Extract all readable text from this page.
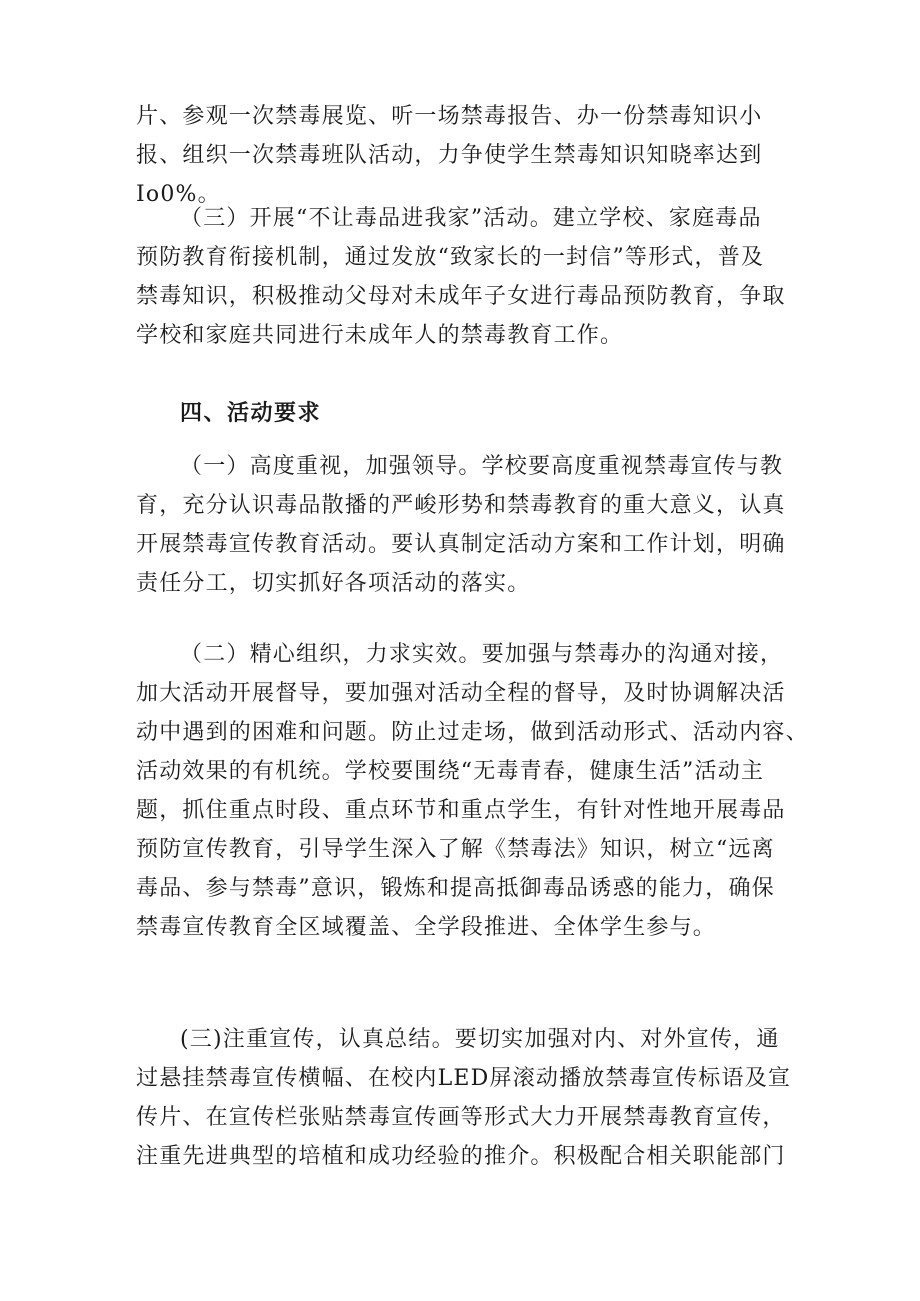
片、参观一次禁毒展览、听一场禁毒报告、办一份禁毒知识小
报、组织一次禁毒班队活动，力争使学生禁毒知识知晓率达到
Io0%。
（三）开展“不让毒品进我家”活动。建立学校、家庭毒品
预防教育衔接机制，通过发放“致家长的一封信”等形式，普及
禁毒知识，积极推动父母对未成年子女进行毒品预防教育，争取
学校和家庭共同进行未成年人的禁毒教育工作。
四、活动要求
（一）高度重视，加强领导。学校要高度重视禁毒宣传与教
育，充分认识毒品散播的严峻形势和禁毒教育的重大意义，认真
开展禁毒宣传教育活动。要认真制定活动方案和工作计划，明确
责任分工，切实抓好各项活动的落实。
（二）精心组织，力求实效。要加强与禁毒办的沟通对接，
加大活动开展督导，要加强对活动全程的督导，及时协调解决活
动中遇到的困难和问题。防止过走场，做到活动形式、活动内容、
活动效果的有机统。学校要围绕“无毒青春，健康生活”活动主
题，抓住重点时段、重点环节和重点学生，有针对性地开展毒品
预防宣传教育，引导学生深入了解《禁毒法》知识，树立“远离
毒品、参与禁毒”意识，锻炼和提高抵御毒品诱惑的能力，确保
禁毒宣传教育全区域覆盖、全学段推进、全体学生参与。
(三)注重宣传，认真总结。要切实加强对内、对外宣传，通
过悬挂禁毒宣传横幅、在校内LED屏滚动播放禁毒宣传标语及宣
传片、在宣传栏张贴禁毒宣传画等形式大力开展禁毒教育宣传，
注重先进典型的培植和成功经验的推介。积极配合相关职能部门
